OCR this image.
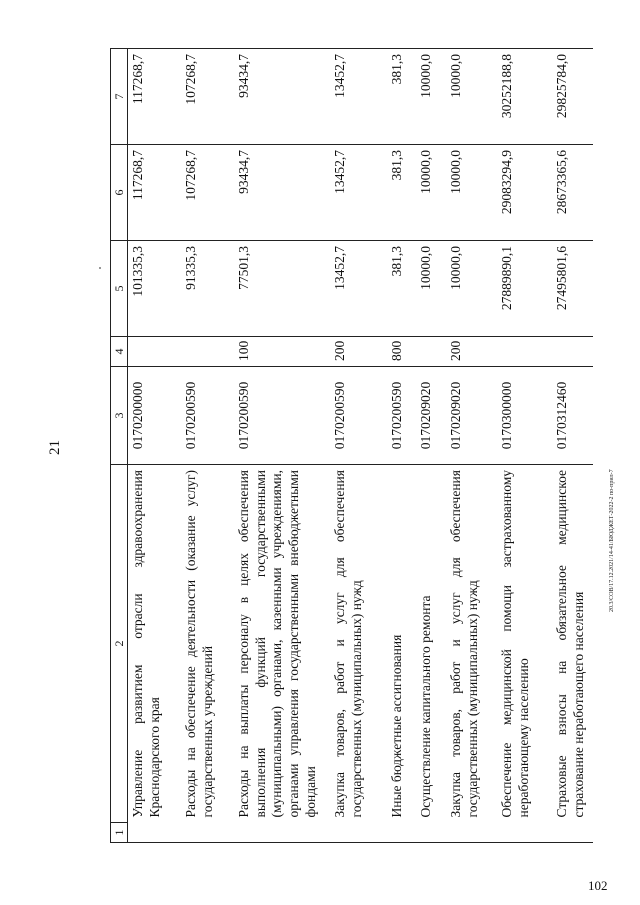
21
1	2	3	4	5	6	7
	Управление развитием отрасли здравоохранения Краснодарского края	0170200000		101335,3	117268,7	117268,7
	Расходы на обеспечение деятельности (оказание услуг) государственных учреждений	0170200590		91335,3	107268,7	107268,7
	Расходы на выплаты персоналу в целях обеспечения выполнения функций государственными (муниципальными) органами, казенными учреждениями, органами управления государственными внебюджетными фондами	0170200590	100	77501,3	93434,7	93434,7
	Закупка товаров, работ и услуг для обеспечения государственных (муниципальных) нужд	0170200590	200	13452,7	13452,7	13452,7
	Иные бюджетные ассигнования	0170200590	800	381,3	381,3	381,3
	Осуществление капитального ремонта	0170209020		10000,0	10000,0	10000,0
	Закупка товаров, работ и услуг для обеспечения государственных (муниципальных) нужд	0170209020	200	10000,0	10000,0	10000,0
	Обеспечение медицинской помощи застрахованному неработающему населению	0170300000		27889890,1	29083294,9	30252188,8
	Страховые взносы на обязательное медицинское страхование неработающего населения	0170312460		27495801,6	28673365,6	29825784,0
20.3/СОВ/17.12.2021/14-41/БЮДЖЕТ-2022-2 по-прил-7
102
